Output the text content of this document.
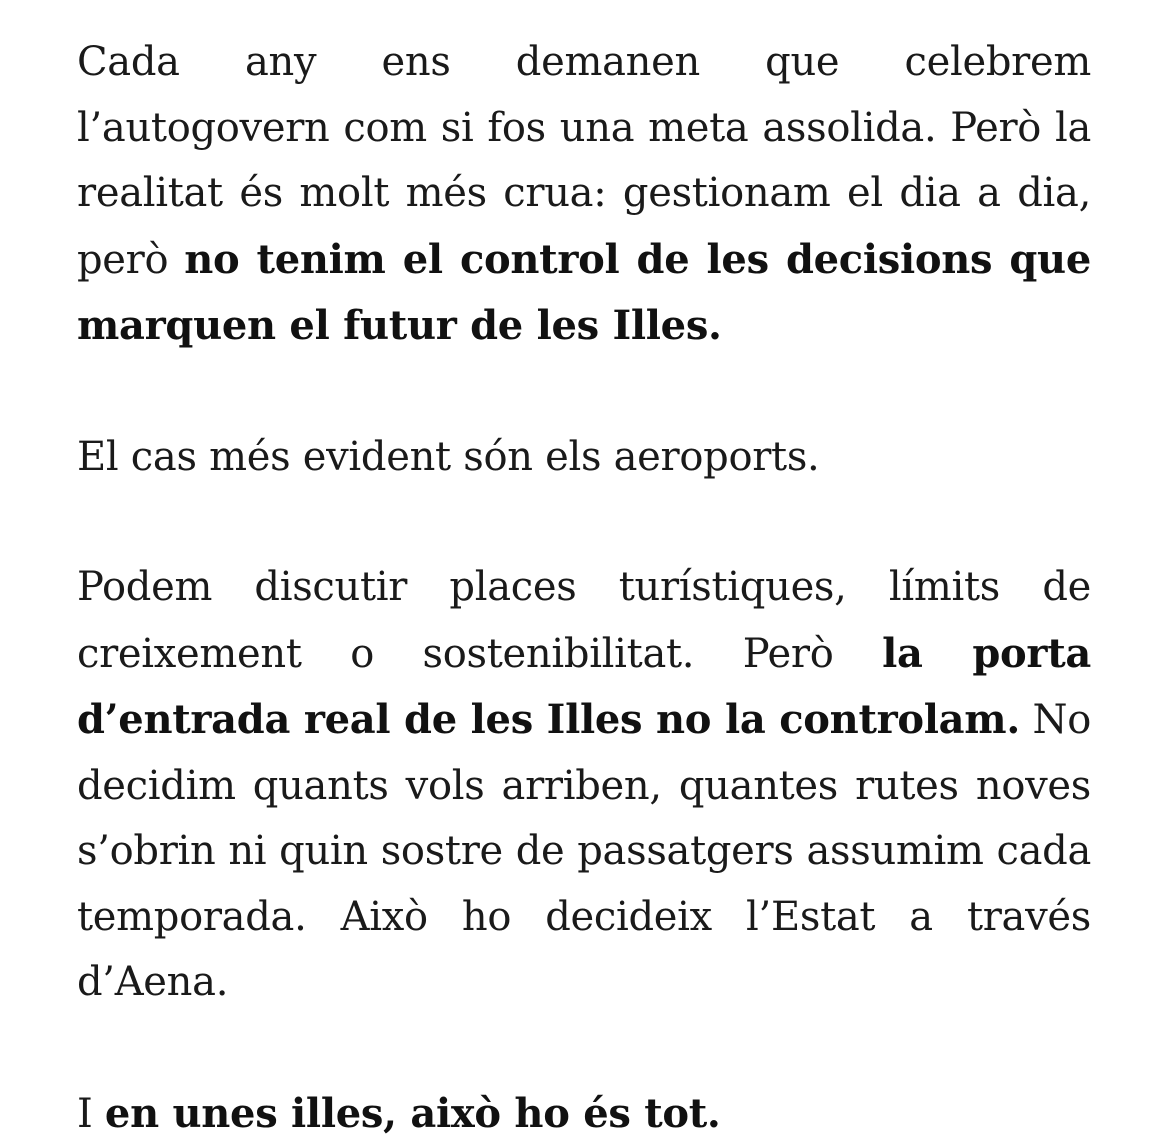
Cada any ens demanen que celebrem l’autogovern com si fos una meta assolida. Però la realitat és molt més crua: gestionam el dia a dia, però no tenim el control de les decisions que marquen el futur de les Illes.

El cas més evident són els aeroports.

Podem discutir places turístiques, límits de creixement o sostenibilitat. Però la porta d’entrada real de les Illes no la controlam. No decidim quants vols arriben, quantes rutes noves s’obrin ni quin sostre de passatgers assumim cada temporada. Això ho decideix l’Estat a través d’Aena.

I en unes illes, això ho és tot.
